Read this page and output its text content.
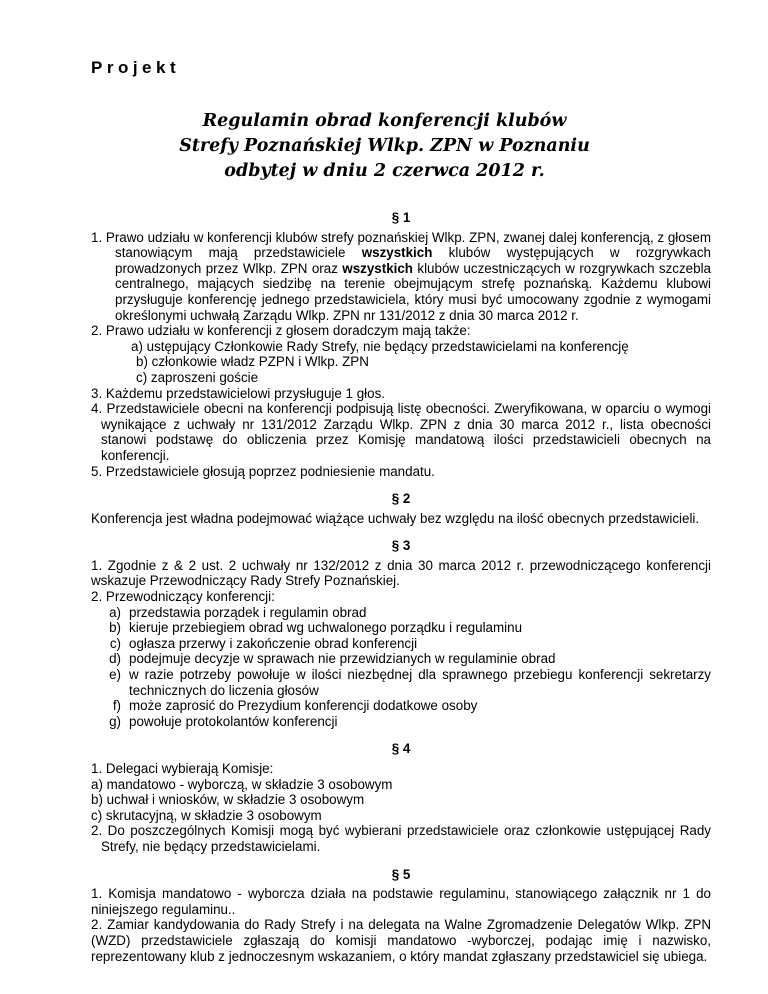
Projekt
Regulamin obrad konferencji klubów
Strefy Poznańskiej Wlkp. ZPN w Poznaniu
odbytej w dniu 2 czerwca 2012 r.
§ 1

1. Prawo udziału w konferencji klubów strefy poznańskiej Wlkp. ZPN, zwanej dalej konferencją, z głosem stanowiącym mają przedstawiciele wszystkich klubów występujących w rozgrywkach prowadzonych przez Wlkp. ZPN oraz wszystkich klubów uczestniczących w rozgrywkach szczebla centralnego, mających siedzibę na terenie obejmującym strefę poznańską. Każdemu klubowi przysługuje konferencję jednego przedstawiciela, który musi być umocowany zgodnie z wymogami określonymi uchwałą Zarządu Wlkp. ZPN nr 131/2012 z dnia 30 marca 2012 r.

2. Prawo udziału w konferencji z głosem doradczym mają także:

a) ustępujący Członkowie Rady Strefy, nie będący przedstawicielami na konferencję

b) członkowie władz PZPN i Wlkp. ZPN

c) zaproszeni goście

3. Każdemu przedstawicielowi przysługuje 1 głos.

4. Przedstawiciele obecni na konferencji podpisują listę obecności. Zweryfikowana, w oparciu o wymogi wynikające z uchwały nr 131/2012 Zarządu Wlkp. ZPN z dnia 30 marca 2012 r., lista obecności stanowi podstawę do obliczenia przez Komisję mandatową ilości przedstawicieli obecnych na konferencji.

5. Przedstawiciele głosują poprzez podniesienie mandatu.

§ 2

Konferencja jest władna podejmować wiążące uchwały bez względu na ilość obecnych przedstawicieli.

§ 3

1. Zgodnie z & 2 ust. 2 uchwały nr 132/2012 z dnia 30 marca 2012 r. przewodniczącego konferencji wskazuje Przewodniczący Rady Strefy Poznańskiej.

2. Przewodniczący konferencji:

a) przedstawia porządek i regulamin obrad
b) kieruje przebiegiem obrad wg uchwalonego porządku i regulaminu
c) ogłasza przerwy i zakończenie obrad konferencji
d) podejmuje decyzje w sprawach nie przewidzianych w regulaminie obrad
e) w razie potrzeby powołuje w ilości niezbędnej dla sprawnego przebiegu konferencji sekretarzy technicznych do liczenia głosów
f) może zaprosić do Prezydium konferencji dodatkowe osoby
g) powołuje protokolantów konferencji
§ 4

1. Delegaci wybierają Komisje:

a) mandatowo - wyborczą, w składzie 3 osobowym

b) uchwał i wniosków, w składzie 3 osobowym

c) skrutacyjną, w składzie 3 osobowym

2. Do poszczególnych Komisji mogą być wybierani przedstawiciele oraz członkowie ustępującej Rady Strefy, nie będący przedstawicielami.

§ 5

1. Komisja mandatowo - wyborcza działa na podstawie regulaminu, stanowiącego załącznik nr 1 do niniejszego regulaminu..

2. Zamiar kandydowania do Rady Strefy i na delegata na Walne Zgromadzenie Delegatów Wlkp. ZPN (WZD) przedstawiciele zgłaszają do komisji mandatowo -wyborczej, podając imię i nazwisko, reprezentowany klub z jednoczesnym wskazaniem, o który mandat zgłaszany przedstawiciel się ubiega.
